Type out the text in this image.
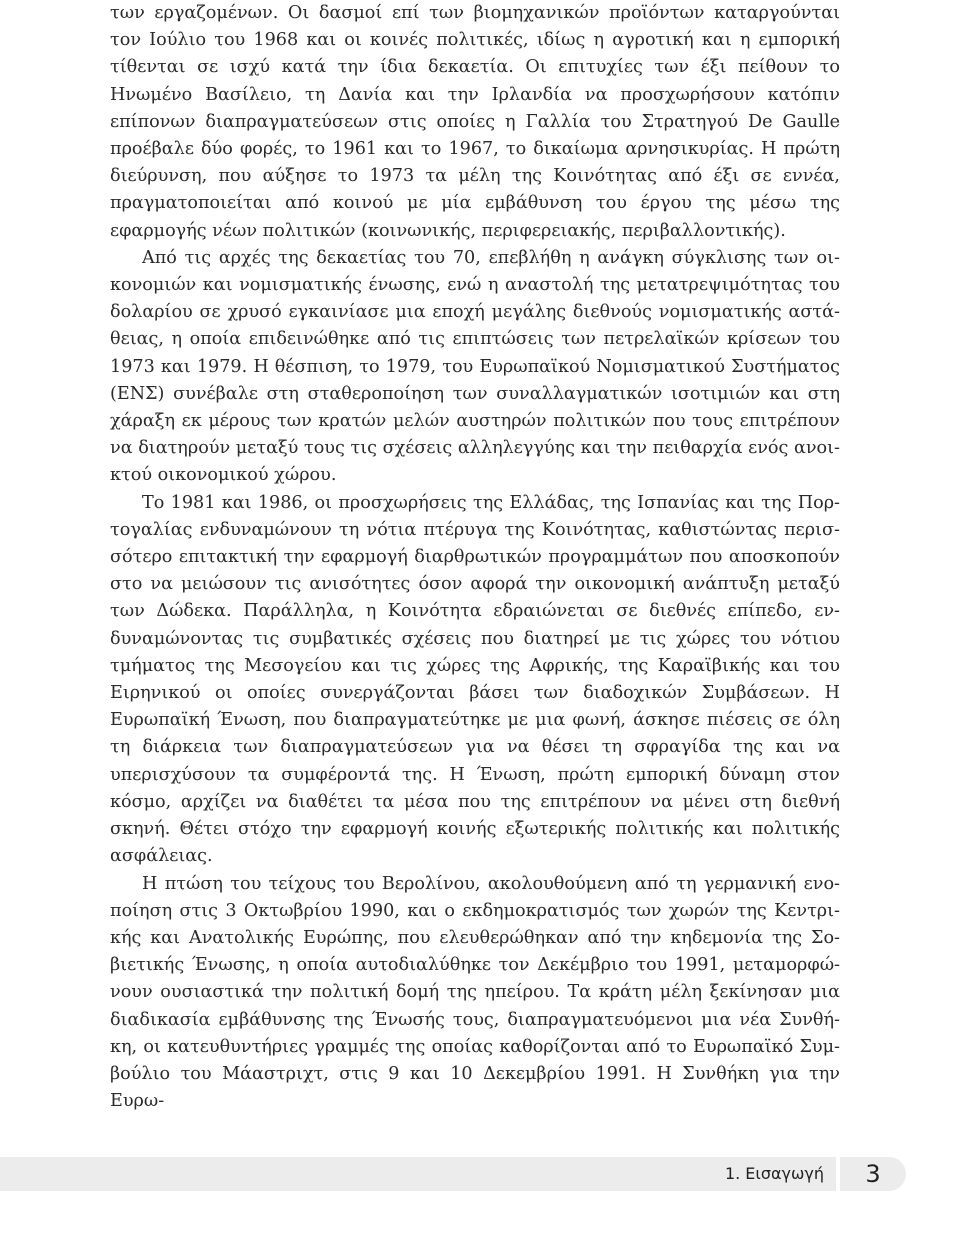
των εργαζομένων. Οι δασμοί επί των βιομηχανικών προϊόντων καταργούνται τον Ιούλιο του 1968 και οι κοινές πολιτικές, ιδίως η αγροτική και η εμπορική τίθενται σε ισχύ κατά την ίδια δεκαετία. Οι επιτυχίες των έξι πείθουν το Ηνωμένο Βασίλειο, τη Δανία και την Ιρλανδία να προσχωρήσουν κατόπιν επίπονων διαπραγματεύσεων στις οποίες η Γαλλία του Στρατηγού De Gaulle προέβαλε δύο φορές, το 1961 και το 1967, το δικαίωμα αρνησικυρίας. Η πρώτη διεύρυνση, που αύξησε το 1973 τα μέλη της Κοινότητας από έξι σε εννέα, πραγματοποιείται από κοινού με μία εμβάθυνση του έργου της μέσω της εφαρμογής νέων πολιτικών (κοινωνικής, περιφερειακής, περιβαλλοντικής).

Από τις αρχές της δεκαετίας του 70, επεβλήθη η ανάγκη σύγκλισης των οικονομιών και νομισματικής ένωσης, ενώ η αναστολή της μετατρεψιμότητας του δολαρίου σε χρυσό εγκαινίασε μια εποχή μεγάλης διεθνούς νομισματικής αστάθειας, η οποία επιδεινώθηκε από τις επιπτώσεις των πετρελαϊκών κρίσεων του 1973 και 1979. Η θέσπιση, το 1979, του Ευρωπαϊκού Νομισματικού Συστήματος (ΕΝΣ) συνέβαλε στη σταθεροποίηση των συναλλαγματικών ισοτιμιών και στη χάραξη εκ μέρους των κρατών μελών αυστηρών πολιτικών που τους επιτρέπουν να διατηρούν μεταξύ τους τις σχέσεις αλληλεγγύης και την πειθαρχία ενός ανοικτού οικονομικού χώρου.

Το 1981 και 1986, οι προσχωρήσεις της Ελλάδας, της Ισπανίας και της Πορτογαλίας ενδυναμώνουν τη νότια πτέρυγα της Κοινότητας, καθιστώντας περισσότερο επιτακτική την εφαρμογή διαρθρωτικών προγραμμάτων που αποσκοπούν στο να μειώσουν τις ανισότητες όσον αφορά την οικονομική ανάπτυξη μεταξύ των Δώδεκα. Παράλληλα, η Κοινότητα εδραιώνεται σε διεθνές επίπεδο, ενδυναμώνοντας τις συμβατικές σχέσεις που διατηρεί με τις χώρες του νότιου τμήματος της Μεσογείου και τις χώρες της Αφρικής, της Καραϊβικής και του Ειρηνικού οι οποίες συνεργάζονται βάσει των διαδοχικών Συμβάσεων. Η Ευρωπαϊκή Ένωση, που διαπραγματεύτηκε με μια φωνή, άσκησε πιέσεις σε όλη τη διάρκεια των διαπραγματεύσεων για να θέσει τη σφραγίδα της και να υπερισχύσουν τα συμφέροντά της. Η Ένωση, πρώτη εμπορική δύναμη στον κόσμο, αρχίζει να διαθέτει τα μέσα που της επιτρέπουν να μένει στη διεθνή σκηνή. Θέτει στόχο την εφαρμογή κοινής εξωτερικής πολιτικής και πολιτικής ασφάλειας.

Η πτώση του τείχους του Βερολίνου, ακολουθούμενη από τη γερμανική ενοποίηση στις 3 Οκτωβρίου 1990, και ο εκδημοκρατισμός των χωρών της Κεντρικής και Ανατολικής Ευρώπης, που ελευθερώθηκαν από την κηδεμονία της Σοβιετικής Ένωσης, η οποία αυτοδιαλύθηκε τον Δεκέμβριο του 1991, μεταμορφώνουν ουσιαστικά την πολιτική δομή της ηπείρου. Τα κράτη μέλη ξεκίνησαν μια διαδικασία εμβάθυνσης της Ένωσής τους, διαπραγματευόμενοι μια νέα Συνθήκη, οι κατευθυντήριες γραμμές της οποίας καθορίζονται από το Ευρωπαϊκό Συμβούλιο του Μάαστριχτ, στις 9 και 10 Δεκεμβρίου 1991. Η Συνθήκη για την Ευρω-

1. Εισαγωγή	3
